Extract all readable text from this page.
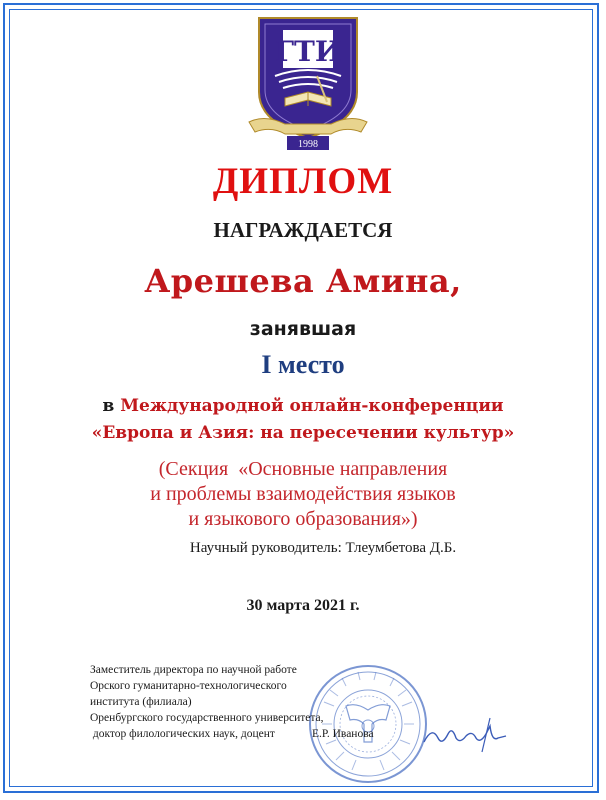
ГТИ
1998
ДИПЛОМ
НАГРАЖДАЕТСЯ
Арешева Амина,
занявшая
I место
в Международной онлайн-конференции
«Европа и Азия: на пересечении культур»
(Секция  «Основные направления
и проблемы взаимодействия языков
и языкового образования»)
Научный руководитель: Тлеумбетова Д.Б.
30 марта 2021 г.
Заместитель директора по научной работе
Орского гуманитарно-технологического
института (филиала)
Оренбургского государственного университета,
доктор филологических наук, доцент	Е.Р. Иванова
